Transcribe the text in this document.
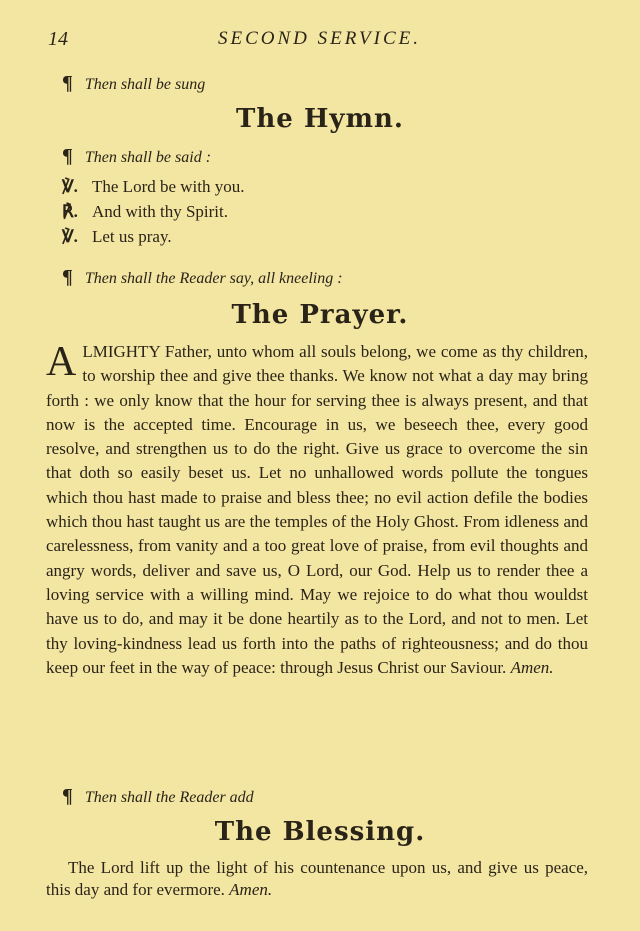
14	SECOND SERVICE.
¶ Then shall be sung
The Hymn.
¶ Then shall be said :
℣. The Lord be with you.
℟. And with thy Spirit.
℣. Let us pray.
¶ Then shall the Reader say, all kneeling :
The Prayer.
ALMIGHTY Father, unto whom all souls belong, we come as thy children, to worship thee and give thee thanks. We know not what a day may bring forth : we only know that the hour for serving thee is always present, and that now is the accepted time. Encourage in us, we beseech thee, every good resolve, and strengthen us to do the right. Give us grace to overcome the sin that doth so easily beset us. Let no unhallowed words pollute the tongues which thou hast made to praise and bless thee; no evil action defile the bodies which thou hast taught us are the temples of the Holy Ghost. From idleness and carelessness, from vanity and a too great love of praise, from evil thoughts and angry words, deliver and save us, O Lord, our God. Help us to render thee a loving service with a willing mind. May we rejoice to do what thou wouldst have us to do, and may it be done heartily as to the Lord, and not to men. Let thy loving-kindness lead us forth into the paths of righteousness; and do thou keep our feet in the way of peace: through Jesus Christ our Saviour. Amen.
¶ Then shall the Reader add
The Blessing.
The Lord lift up the light of his countenance upon us, and give us peace, this day and for evermore. Amen.
